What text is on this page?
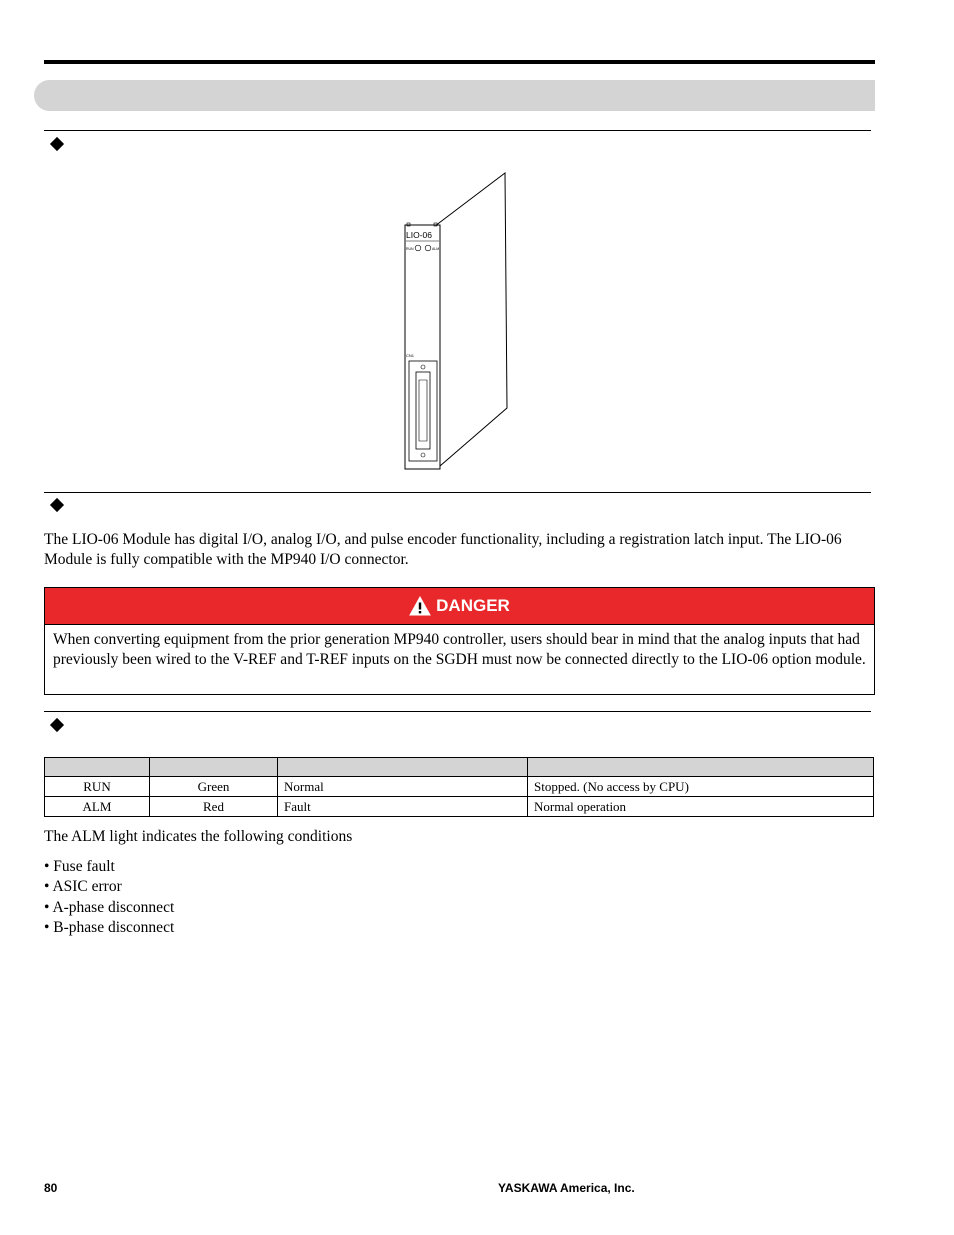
LIO-06
RUN	ALM
CN1
The LIO-06 Module has digital I/O, analog I/O, and pulse encoder functionality, including a registration latch input. The LIO-06 Module is fully compatible with the MP940 I/O connector.
DANGER
When converting equipment from the prior generation MP940 controller, users should bear in mind that the analog inputs that had previously been wired to the V-REF and T-REF inputs on the SGDH must now be connected directly to the LIO-06 option module.

RUN	Green	Normal	Stopped. (No access by CPU)
ALM	Red	Fault	Normal operation
The ALM light indicates the following conditions
• Fuse fault
• ASIC error
• A-phase disconnect
• B-phase disconnect
80	YASKAWA America, Inc.
